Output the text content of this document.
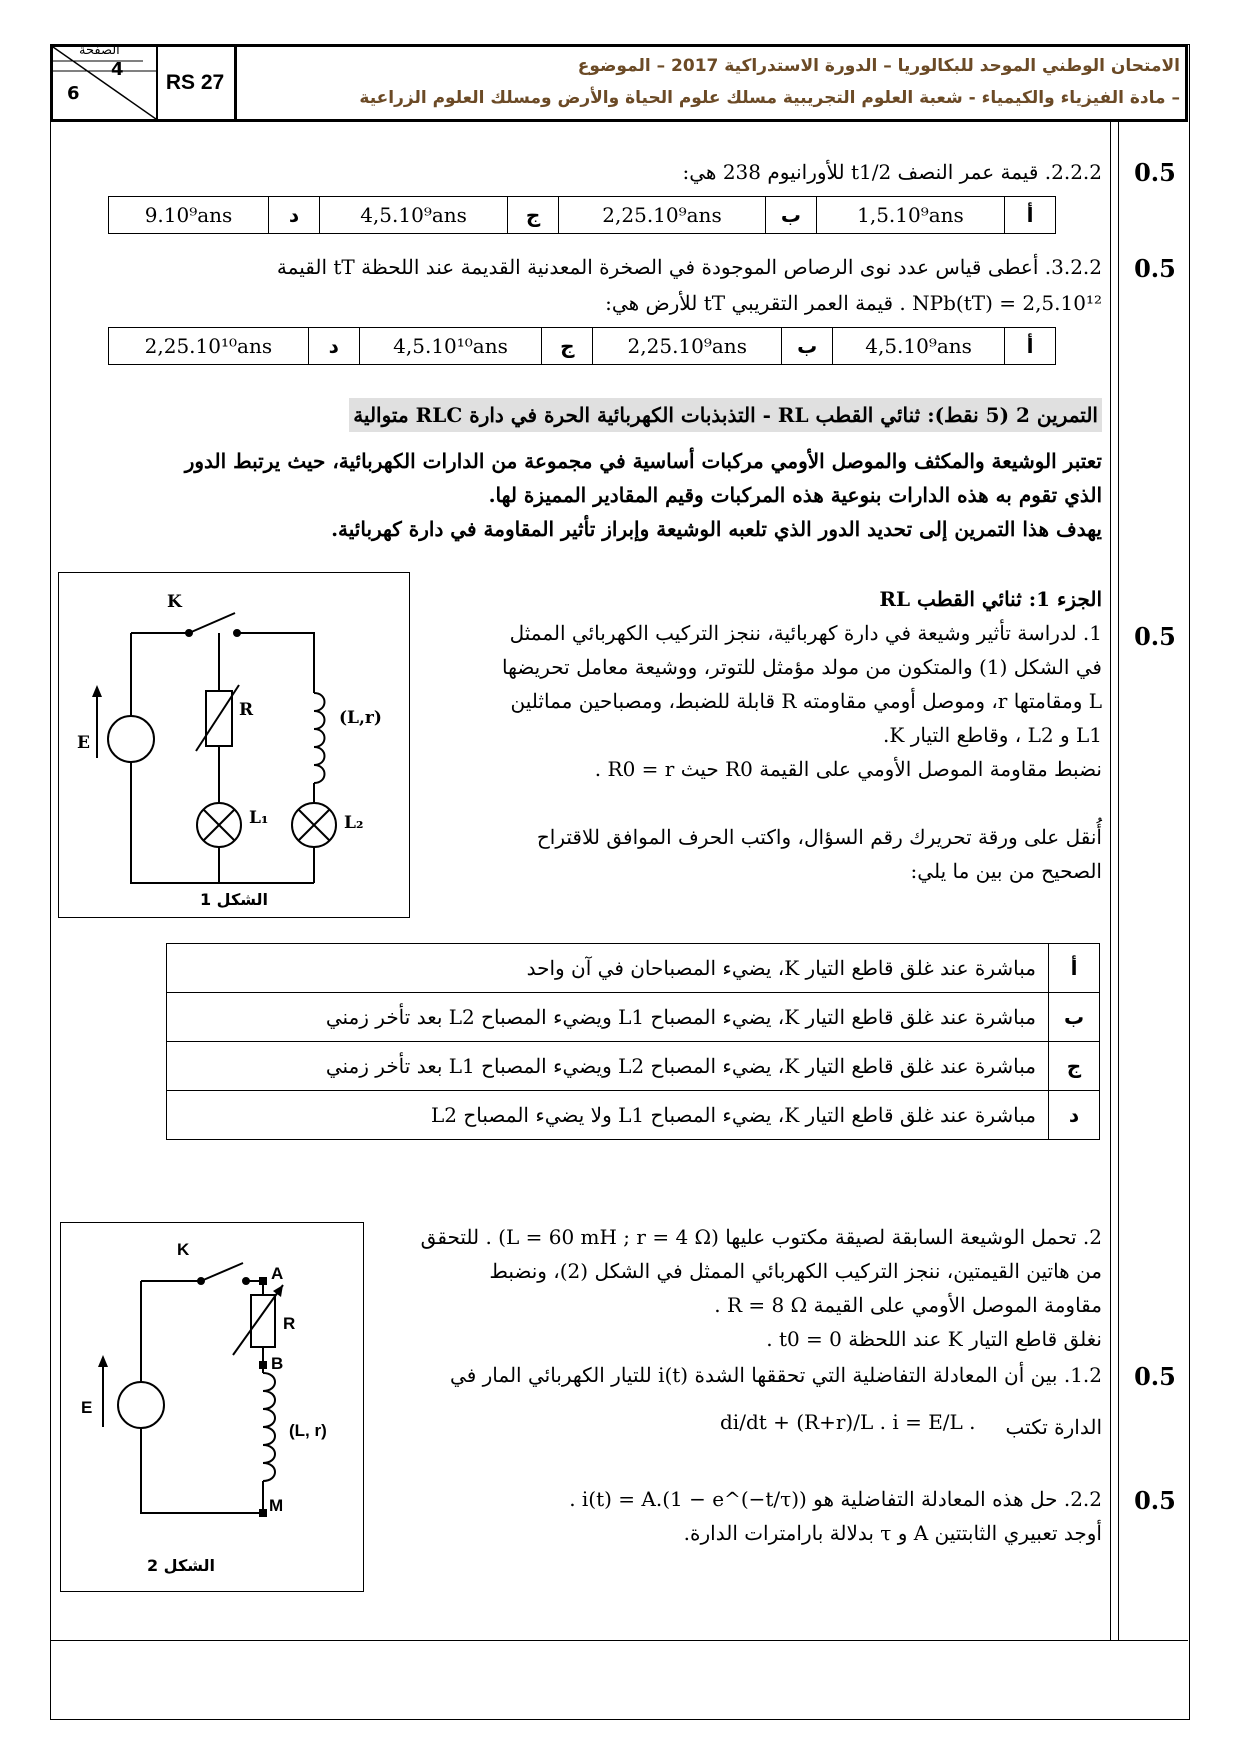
الصفحة
4
6	RS 27
الامتحان الوطني الموحد للبكالوريا – الدورة الاستدراكية 2017 – الموضوع
– مادة الفيزياء والكيمياء - شعبة العلوم التجريبية مسلك علوم الحياة والأرض ومسلك العلوم الزراعية
0.5
2.2.2. قيمة عمر النصف t1/2 للأورانيوم 238 هي:
أ	1,5.10⁹ans	ب	2,25.10⁹ans	ج	4,5.10⁹ans	د	9.10⁹ans
0.5
3.2.2. أعطى قياس عدد نوى الرصاص الموجودة في الصخرة المعدنية القديمة عند اللحظة tT القيمة
NPb(tT) = 2,5.10¹² . قيمة العمر التقريبي tT للأرض هي:
أ	4,5.10⁹ans	ب	2,25.10⁹ans	ج	4,5.10¹⁰ans	د	2,25.10¹⁰ans
التمرين 2 (5 نقط): ثنائي القطب RL - التذبذبات الكهربائية الحرة في دارة RLC متوالية
تعتبر الوشيعة والمكثف والموصل الأومي مركبات أساسية في مجموعة من الدارات الكهربائية، حيث يرتبط الدور
الذي تقوم به هذه الدارات بنوعية هذه المركبات وقيم المقادير المميزة لها.
يهدف هذا التمرين إلى تحديد الدور الذي تلعبه الوشيعة وإبراز تأثير المقاومة في دارة كهربائية.
K
R
E
(L,r)
L₁	L₂
الشكل 1
الجزء 1: ثنائي القطب RL
0.5
1. لدراسة تأثير وشيعة في دارة كهربائية، ننجز التركيب الكهربائي الممثل
في الشكل (1) والمتكون من مولد مؤمثل للتوتر، ووشيعة معامل تحريضها
L ومقامتها r، وموصل أومي مقاومته R قابلة للضبط، ومصباحين مماثلين
L1 و L2 ، وقاطع التيار K.
نضبط مقاومة الموصل الأومي على القيمة R0 حيث R0 = r .
أُنقل على ورقة تحريرك رقم السؤال، واكتب الحرف الموافق للاقتراح
الصحيح من بين ما يلي:
أ	مباشرة عند غلق قاطع التيار K، يضيء المصباحان في آن واحد
ب	مباشرة عند غلق قاطع التيار K، يضيء المصباح L1 ويضيء المصباح L2 بعد تأخر زمني
ج	مباشرة عند غلق قاطع التيار K، يضيء المصباح L2 ويضيء المصباح L1 بعد تأخر زمني
د	مباشرة عند غلق قاطع التيار K، يضيء المصباح L1 ولا يضيء المصباح L2
K
A
R
B
E
(L, r)
M
الشكل 2
2. تحمل الوشيعة السابقة لصيقة مكتوب عليها (L = 60 mH ; r = 4 Ω) . للتحقق
من هاتين القيمتين، ننجز التركيب الكهربائي الممثل في الشكل (2)، ونضبط
مقاومة الموصل الأومي على القيمة R = 8 Ω .
نغلق قاطع التيار K عند اللحظة t0 = 0 .
0.5
1.2. بين أن المعادلة التفاضلية التي تحققها الشدة i(t) للتيار الكهربائي المار في
الدارة تكتب
di/dt + (R+r)/L . i = E/L .
0.5
2.2. حل هذه المعادلة التفاضلية هو i(t) = A.(1 − e^(−t/τ)) .
أوجد تعبيري الثابتتين A و τ بدلالة بارامترات الدارة.
